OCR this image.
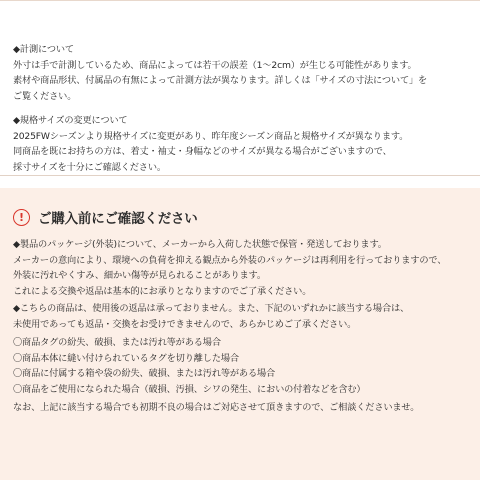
◆計測について
外寸は手で計測しているため、商品によっては若干の誤差（1～2cm）が生じる可能性があります。
素材や商品形状、付属品の有無によって計測方法が異なります。詳しくは「サイズの寸法について」を
ご覧ください。
◆規格サイズの変更について
2025FWシーズンより規格サイズに変更があり、昨年度シーズン商品と規格サイズが異なります。
同商品を既にお持ちの方は、着丈・袖丈・身幅などのサイズが異なる場合がございますので、
採寸サイズを十分にご確認ください。
!	ご購入前にご確認ください
◆製品のパッケージ(外装)について、メーカーから入荷した状態で保管・発送しております。
メーカーの意向により、環境への負荷を抑える観点から外装のパッケージは再利用を行っておりますので、
外装に汚れやくすみ、細かい傷等が見られることがあります。
これによる交換や返品は基本的にお承りとなりますのでご了承ください。
◆こちらの商品は、使用後の返品は承っておりません。また、下記のいずれかに該当する場合は、
未使用であっても返品・交換をお受けできませんので、あらかじめご了承ください。
〇商品タグの紛失、破損、または汚れ等がある場合
〇商品本体に縫い付けられているタグを切り離した場合
〇商品に付属する箱や袋の紛失、破損、または汚れ等がある場合
〇商品をご使用になられた場合（破損、汚損、シワの発生、においの付着などを含む）
なお、上記に該当する場合でも初期不良の場合はご対応させて頂きますので、ご相談くださいませ。
